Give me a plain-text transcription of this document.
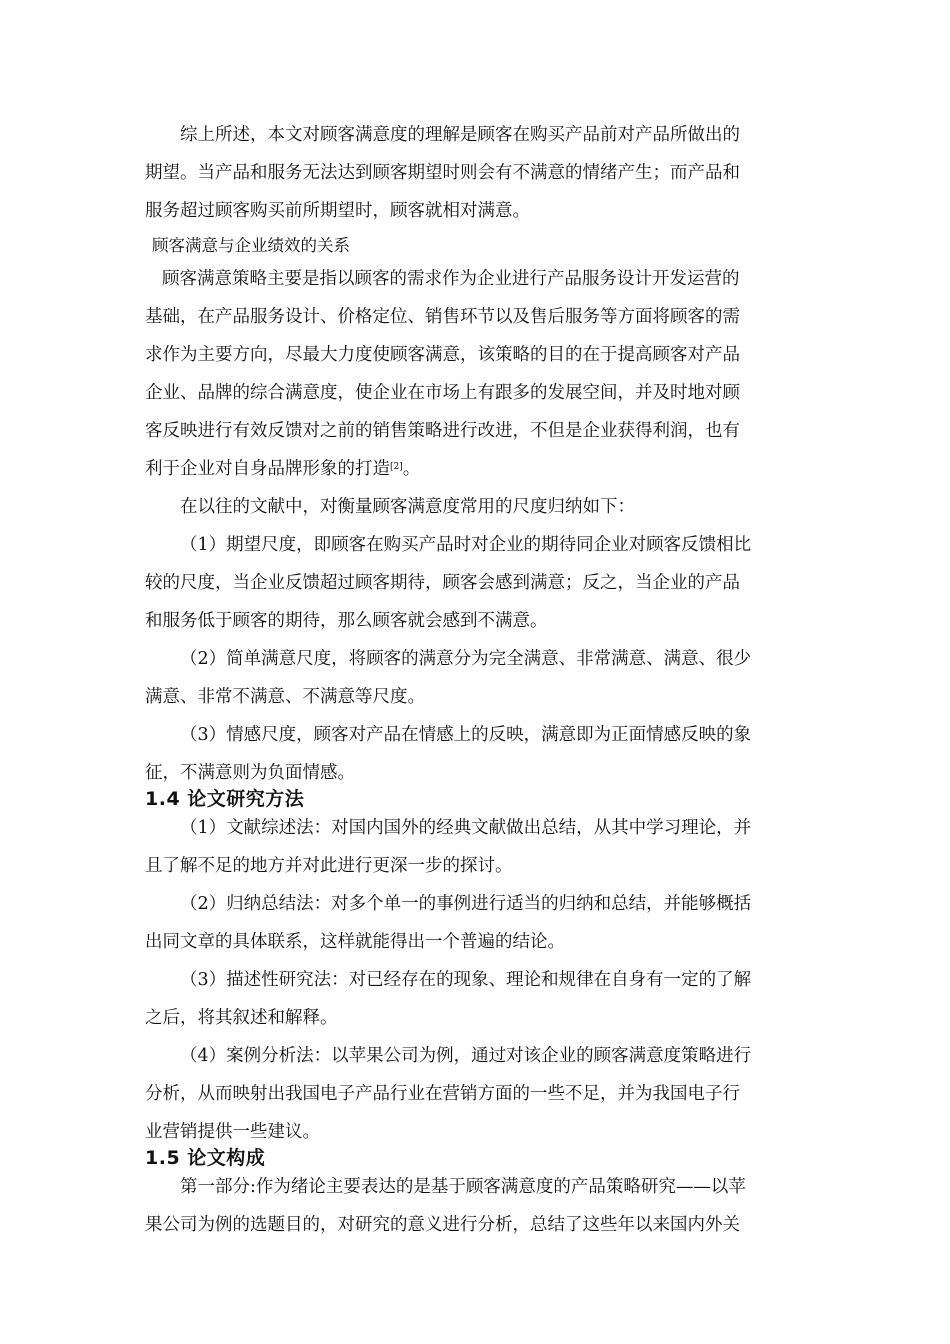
综上所述，本文对顾客满意度的理解是顾客在购买产品前对产品所做出的
期望。当产品和服务无法达到顾客期望时则会有不满意的情绪产生；而产品和
服务超过顾客购买前所期望时，顾客就相对满意。
顾客满意与企业绩效的关系
顾客满意策略主要是指以顾客的需求作为企业进行产品服务设计开发运营的
基础，在产品服务设计、价格定位、销售环节以及售后服务等方面将顾客的需
求作为主要方向，尽最大力度使顾客满意，该策略的目的在于提高顾客对产品
企业、品牌的综合满意度，使企业在市场上有跟多的发展空间，并及时地对顾
客反映进行有效反馈对之前的销售策略进行改进，不但是企业获得利润，也有
利于企业对自身品牌形象的打造[2]。
在以往的文献中，对衡量顾客满意度常用的尺度归纳如下：
（1）期望尺度，即顾客在购买产品时对企业的期待同企业对顾客反馈相比
较的尺度，当企业反馈超过顾客期待，顾客会感到满意；反之，当企业的产品
和服务低于顾客的期待，那么顾客就会感到不满意。
（2）简单满意尺度，将顾客的满意分为完全满意、非常满意、满意、很少
满意、非常不满意、不满意等尺度。
（3）情感尺度，顾客对产品在情感上的反映，满意即为正面情感反映的象
征，不满意则为负面情感。
1.4 论文研究方法
（1）文献综述法：对国内国外的经典文献做出总结，从其中学习理论，并
且了解不足的地方并对此进行更深一步的探讨。
（2）归纳总结法：对多个单一的事例进行适当的归纳和总结，并能够概括
出同文章的具体联系，这样就能得出一个普遍的结论。
（3）描述性研究法：对已经存在的现象、理论和规律在自身有一定的了解
之后，将其叙述和解释。
（4）案例分析法：以苹果公司为例，通过对该企业的顾客满意度策略进行
分析，从而映射出我国电子产品行业在营销方面的一些不足，并为我国电子行
业营销提供一些建议。
1.5 论文构成
第一部分:作为绪论主要表达的是基于顾客满意度的产品策略研究——以苹
果公司为例的选题目的，对研究的意义进行分析，总结了这些年以来国内外关
